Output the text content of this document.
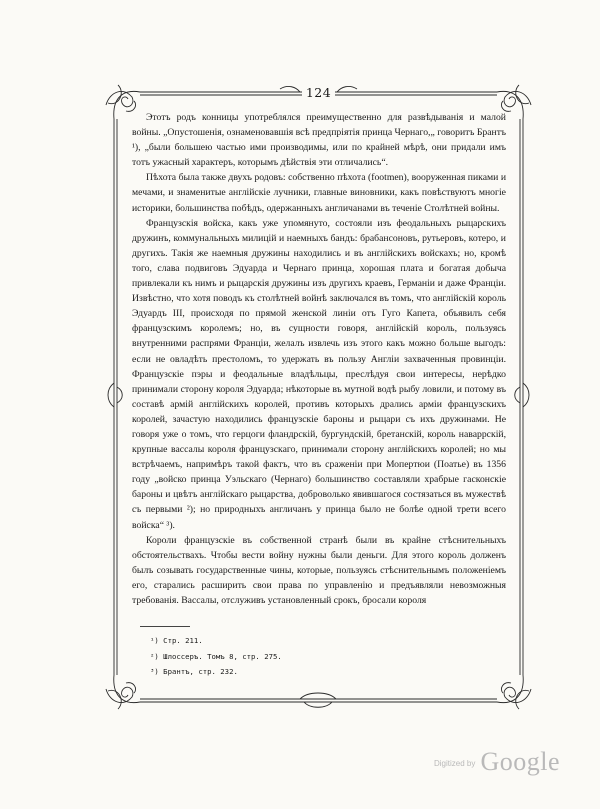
124

Этотъ родъ конницы употреблялся преимущественно для развѣдыванія и малой войны. „Опустошенія, ознаменовавшія всѣ предпріятія принца Чернаго,„ говоритъ Брантъ ¹), „были большею частью ими производимы, или по крайней мѣрѣ, они придали имъ тотъ ужасный характеръ, которымъ дѣйствія эти отличались“.

Пѣхота была также двухъ родовъ: собственно пѣхота (footmen), вооруженная пиками и мечами, и знаменитые англійскіе лучники, главные виновники, какъ повѣствуютъ многіе историки, большинства побѣдъ, одержанныхъ англичанами въ теченіе Столѣтней войны.

Французскія войска, какъ уже упомянуто, состояли изъ феодальныхъ рыцарскихъ дружинъ, коммунальныхъ милицій и наемныхъ бандъ: брабансоновъ, рутьеровъ, котеро, и другихъ. Такія же наемныя дружины находились и въ англійскихъ войскахъ; но, кромѣ того, слава подвиговъ Эдуарда и Чернаго принца, хорошая плата и богатая добыча привлекали къ нимъ и рыцарскія дружины изъ другихъ краевъ, Германіи и даже Франціи. Извѣстно, что хотя поводъ къ столѣтней войнѣ заключался въ томъ, что англійскій король Эдуардъ III, происходя по прямой женской линіи отъ Гуго Капета, объявилъ себя французскимъ королемъ; но, въ сущности говоря, англійскій король, пользуясь внутренними распрями Франціи, желалъ извлечь изъ этого какъ можно больше выгодъ: если не овладѣть престоломъ, то удержать въ пользу Англіи захваченныя провинціи. Французскіе пэры и феодальные владѣльцы, преслѣдуя свои интересы, нерѣдко принимали сторону короля Эдуарда; нѣкоторые въ мутной водѣ рыбу ловили, и потому въ составѣ армій англійскихъ королей, противъ которыхъ дрались арміи французскихъ королей, зачастую находились французскіе бароны и рыцари съ ихъ дружинами. Не говоря уже о томъ, что герцоги фландрскій, бургундскій, бретанскій, король наваррскій, крупные вассалы короля французскаго, принимали сторону англійскихъ королей; но мы встрѣчаемъ, напримѣръ такой фактъ, что въ сраженіи при Мопертюи (Поатье) въ 1356 году „войско принца Уэльскаго (Чернаго) большинство составляли храбрые гасконскіе бароны и цвѣтъ англійскаго рыцарства, доброволько явившагося состязаться въ мужествѣ съ первыми ²); но природныхъ англичанъ у принца было не болѣе одной трети всего войска“ ³).

Короли французскіе въ собственной странѣ были въ крайне стѣснительныхъ обстоятельствахъ. Чтобы вести войну нужны были деньги. Для этого король долженъ былъ созывать государственные чины, которые, пользуясь стѣснительнымъ положеніемъ его, старались расширить свои права по управленію и предъявляли невозможныя требованія. Вассалы, отслуживъ установленный срокъ, бросали короля

¹) Стр. 211.
²) Шлоссеръ. Томъ 8, стр. 275.
³) Брантъ, стр. 232.
$^{Digitized by}$ Google
